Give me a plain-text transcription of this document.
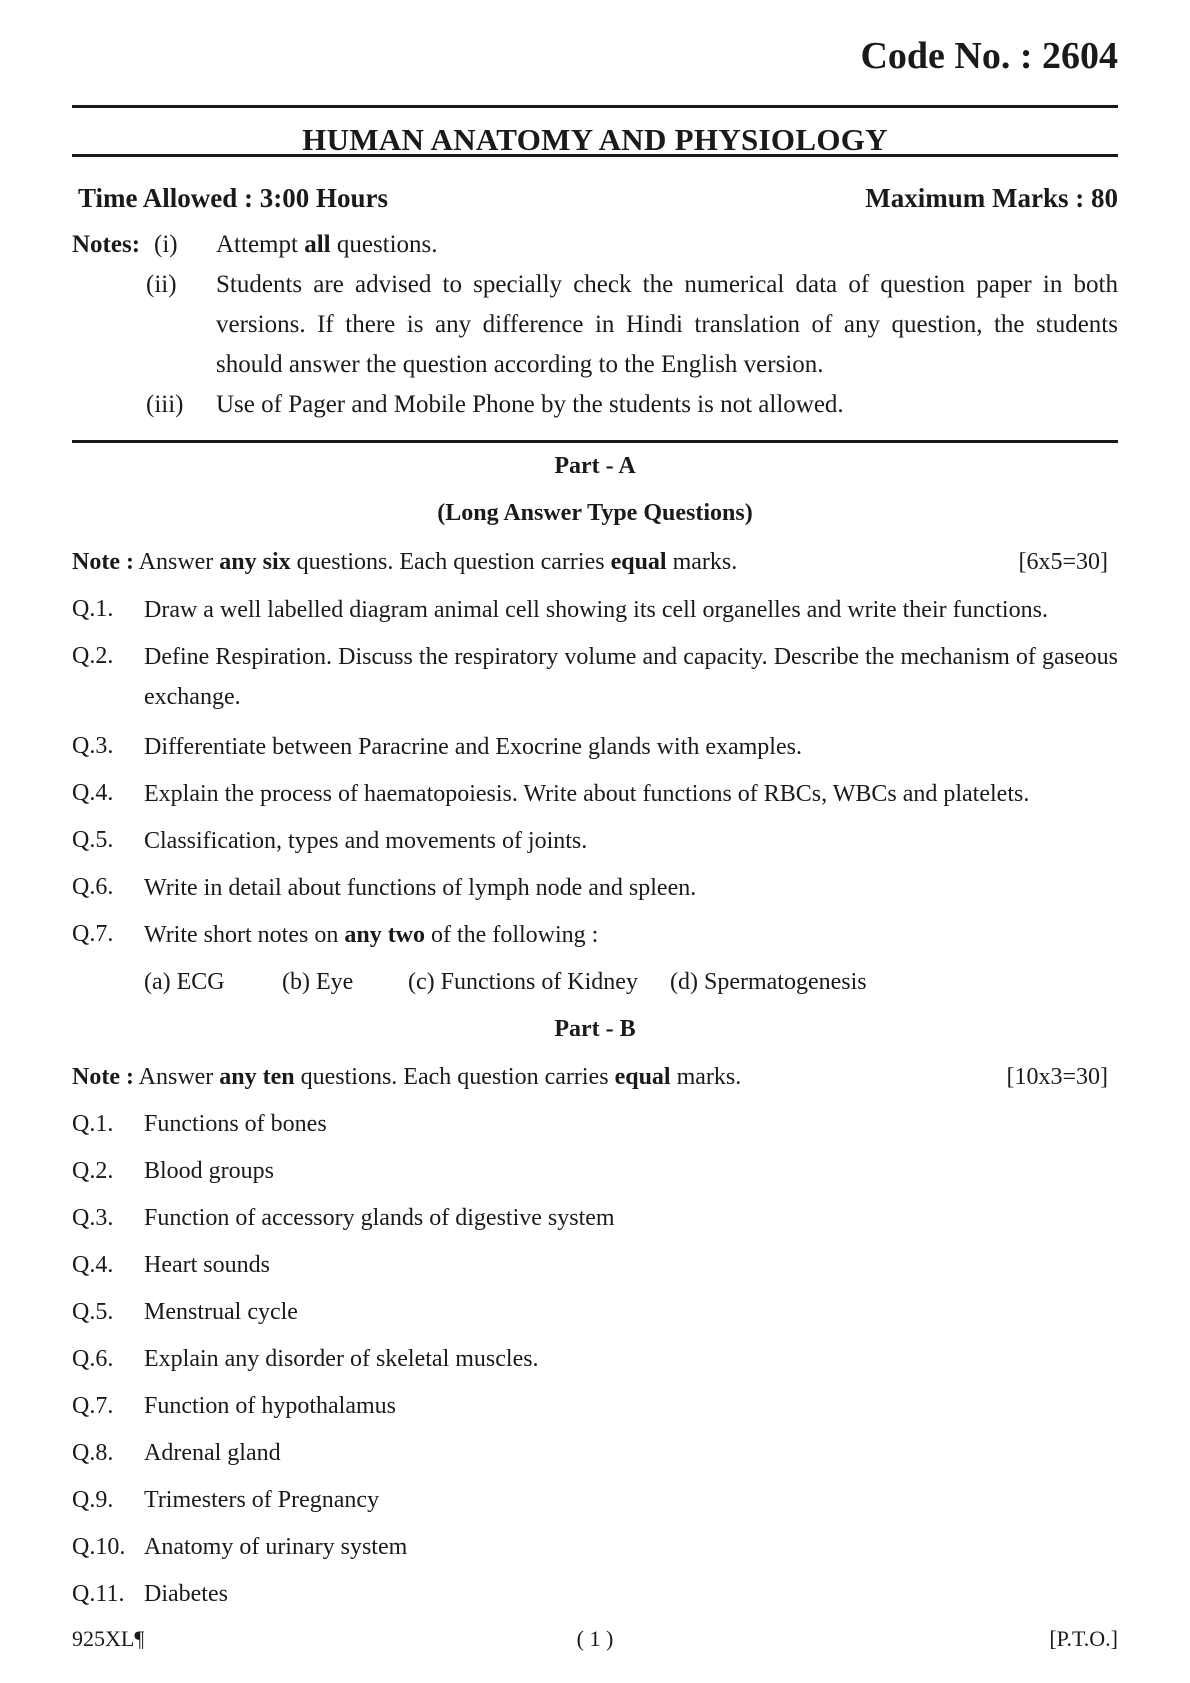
Code No. : 2604
HUMAN ANATOMY AND PHYSIOLOGY
Time Allowed : 3:00 Hours	Maximum Marks : 80
Notes: (i) Attempt all questions.
(ii) Students are advised to specially check the numerical data of question paper in both versions. If there is any difference in Hindi translation of any question, the students should answer the question according to the English version.
(iii) Use of Pager and Mobile Phone by the students is not allowed.
Part - A
(Long Answer Type Questions)
Note : Answer any six questions. Each question carries equal marks.	[6x5=30]
Q.1. Draw a well labelled diagram animal cell showing its cell organelles and write their functions.
Q.2. Define Respiration. Discuss the respiratory volume and capacity. Describe the mechanism of gaseous exchange.
Q.3. Differentiate between Paracrine and Exocrine glands with examples.
Q.4. Explain the process of haematopoiesis. Write about functions of RBCs, WBCs and platelets.
Q.5. Classification, types and movements of joints.
Q.6. Write in detail about functions of lymph node and spleen.
Q.7. Write short notes on any two of the following :
(a) ECG (b) Eye (c) Functions of Kidney (d) Spermatogenesis
Part - B
Note : Answer any ten questions. Each question carries equal marks.	[10x3=30]
Q.1. Functions of bones
Q.2. Blood groups
Q.3. Function of accessory glands of digestive system
Q.4. Heart sounds
Q.5. Menstrual cycle
Q.6. Explain any disorder of skeletal muscles.
Q.7. Function of hypothalamus
Q.8. Adrenal gland
Q.9. Trimesters of Pregnancy
Q.10. Anatomy of urinary system
Q.11. Diabetes
925XL¶	( 1 )	[P.T.O.]
